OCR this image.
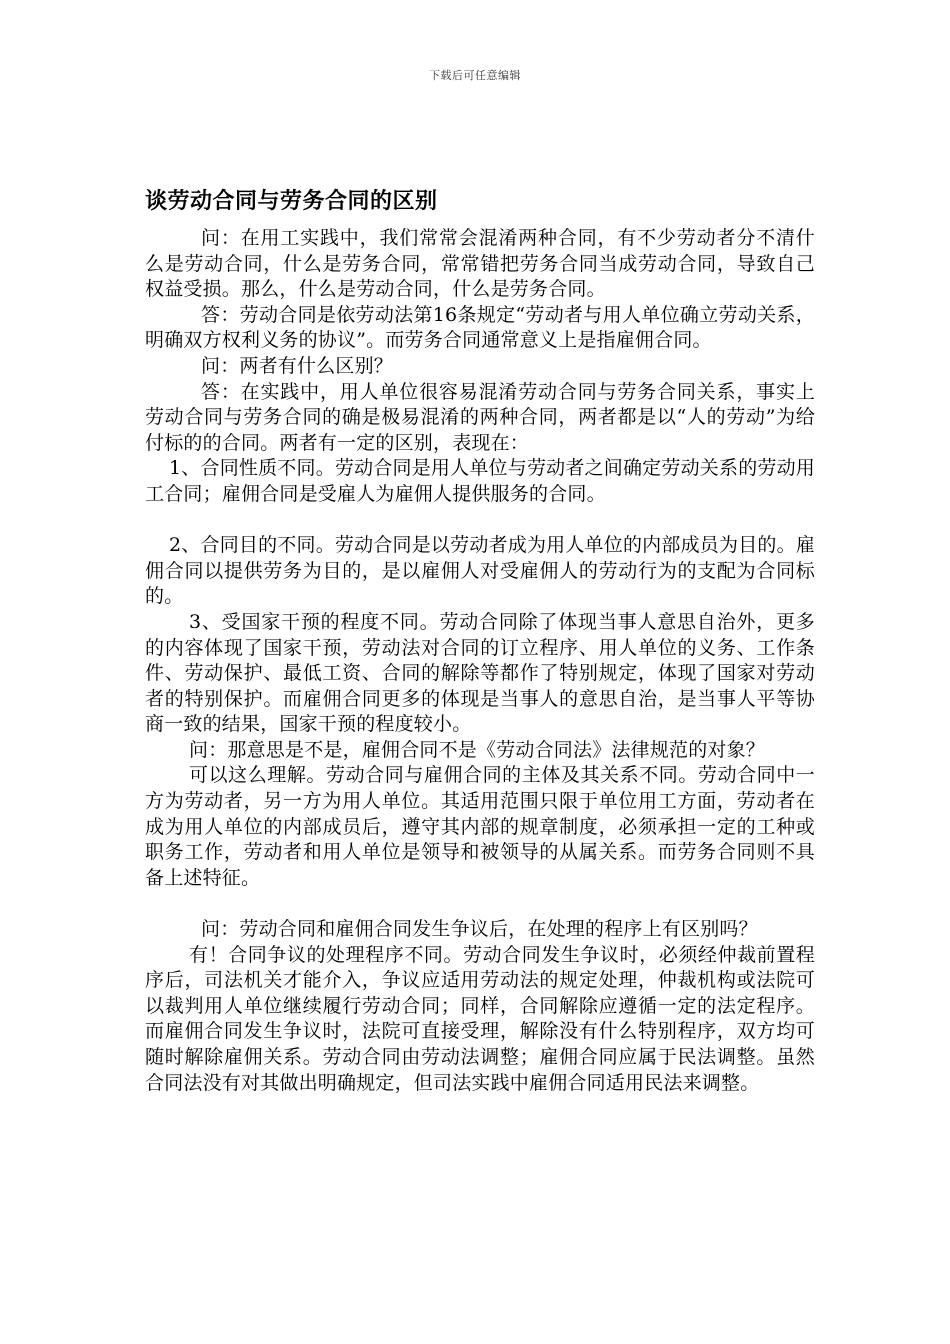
下载后可任意编辑
谈劳动合同与劳务合同的区别

问：在用工实践中，我们常常会混淆两种合同，有不少劳动者分不清什么是劳动合同，什么是劳务合同，常常错把劳务合同当成劳动合同，导致自己权益受损。那么，什么是劳动合同，什么是劳务合同。

答：劳动合同是依劳动法第16条规定“劳动者与用人单位确立劳动关系，明确双方权利义务的协议”。而劳务合同通常意义上是指雇佣合同。

问：两者有什么区别？

答：在实践中，用人单位很容易混淆劳动合同与劳务合同关系，事实上劳动合同与劳务合同的确是极易混淆的两种合同，两者都是以“人的劳动”为给付标的的合同。两者有一定的区别，表现在：

1、合同性质不同。劳动合同是用人单位与劳动者之间确定劳动关系的劳动用工合同；雇佣合同是受雇人为雇佣人提供服务的合同。

2、合同目的不同。劳动合同是以劳动者成为用人单位的内部成员为目的。雇佣合同以提供劳务为目的，是以雇佣人对受雇佣人的劳动行为的支配为合同标的。

3、受国家干预的程度不同。劳动合同除了体现当事人意思自治外，更多的内容体现了国家干预，劳动法对合同的订立程序、用人单位的义务、工作条件、劳动保护、最低工资、合同的解除等都作了特别规定，体现了国家对劳动者的特别保护。而雇佣合同更多的体现是当事人的意思自治，是当事人平等协商一致的结果，国家干预的程度较小。

问：那意思是不是，雇佣合同不是《劳动合同法》法律规范的对象？

可以这么理解。劳动合同与雇佣合同的主体及其关系不同。劳动合同中一方为劳动者，另一方为用人单位。其适用范围只限于单位用工方面，劳动者在成为用人单位的内部成员后，遵守其内部的规章制度，必须承担一定的工种或职务工作，劳动者和用人单位是领导和被领导的从属关系。而劳务合同则不具备上述特征。

问：劳动合同和雇佣合同发生争议后，在处理的程序上有区别吗？

有！合同争议的处理程序不同。劳动合同发生争议时，必须经仲裁前置程序后，司法机关才能介入，争议应适用劳动法的规定处理，仲裁机构或法院可以裁判用人单位继续履行劳动合同；同样，合同解除应遵循一定的法定程序。而雇佣合同发生争议时，法院可直接受理，解除没有什么特别程序，双方均可随时解除雇佣关系。劳动合同由劳动法调整；雇佣合同应属于民法调整。虽然合同法没有对其做出明确规定，但司法实践中雇佣合同适用民法来调整。
